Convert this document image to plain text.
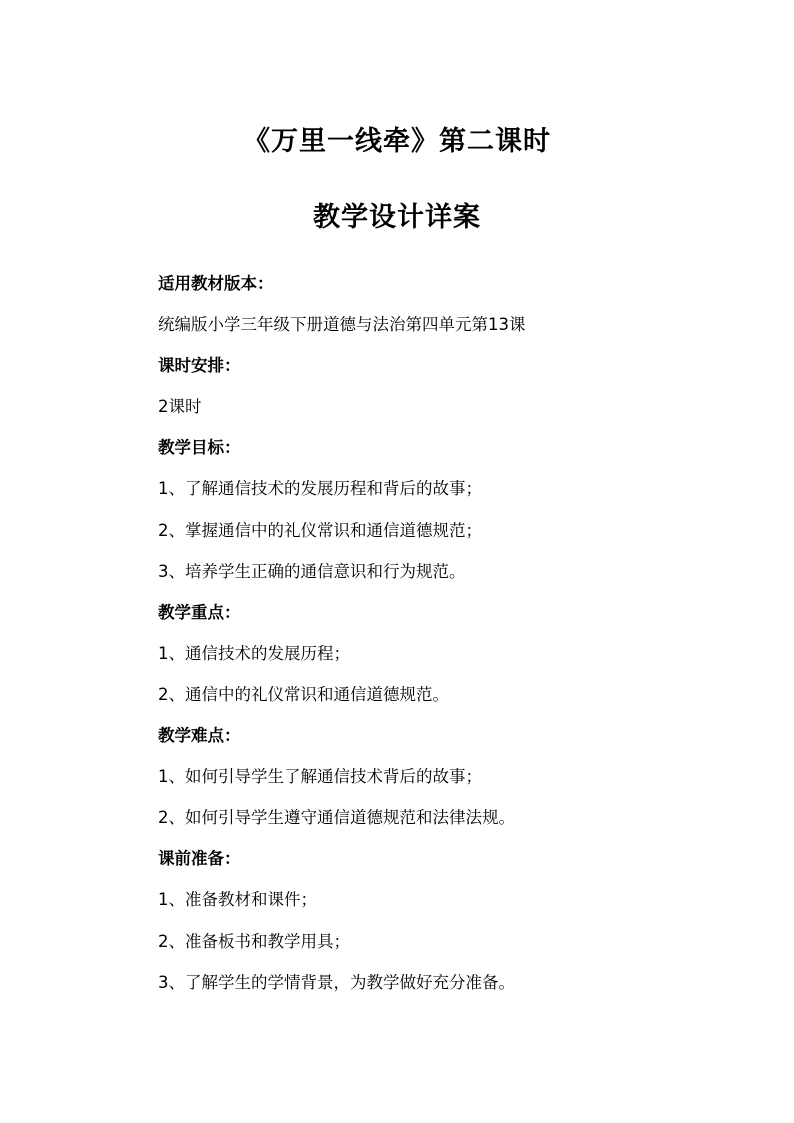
《万里一线牵》第二课时
教学设计详案
适用教材版本：
统编版小学三年级下册道德与法治第四单元第13课
课时安排：
2课时
教学目标：
1、了解通信技术的发展历程和背后的故事；
2、掌握通信中的礼仪常识和通信道德规范；
3、培养学生正确的通信意识和行为规范。
教学重点：
1、通信技术的发展历程；
2、通信中的礼仪常识和通信道德规范。
教学难点：
1、如何引导学生了解通信技术背后的故事；
2、如何引导学生遵守通信道德规范和法律法规。
课前准备：
1、准备教材和课件；
2、准备板书和教学用具；
3、了解学生的学情背景，为教学做好充分准备。
